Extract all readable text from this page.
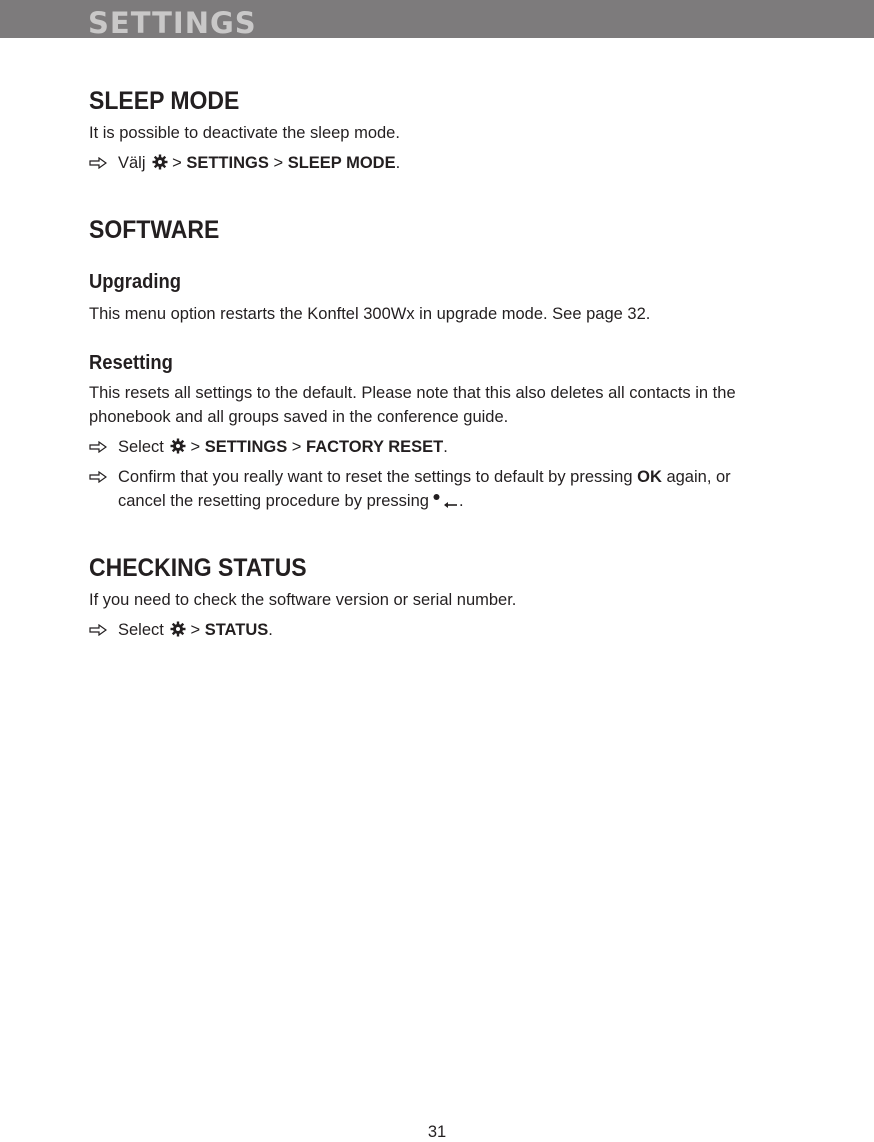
SETTINGS
SLEEP MODE
It is possible to deactivate the sleep mode.
Välj > SETTINGS > SLEEP MODE.
SOFTWARE
Upgrading
This menu option restarts the Konftel 300Wx in upgrade mode. See page 32.
Resetting
This resets all settings to the default. Please note that this also deletes all contacts in the
phonebook and all groups saved in the conference guide.
Select > SETTINGS > FACTORY RESET.
Confirm that you really want to reset the settings to default by pressing OK again, or
cancel the resetting procedure by pressing .
CHECKING STATUS
If you need to check the software version or serial number.
Select > STATUS.
31
